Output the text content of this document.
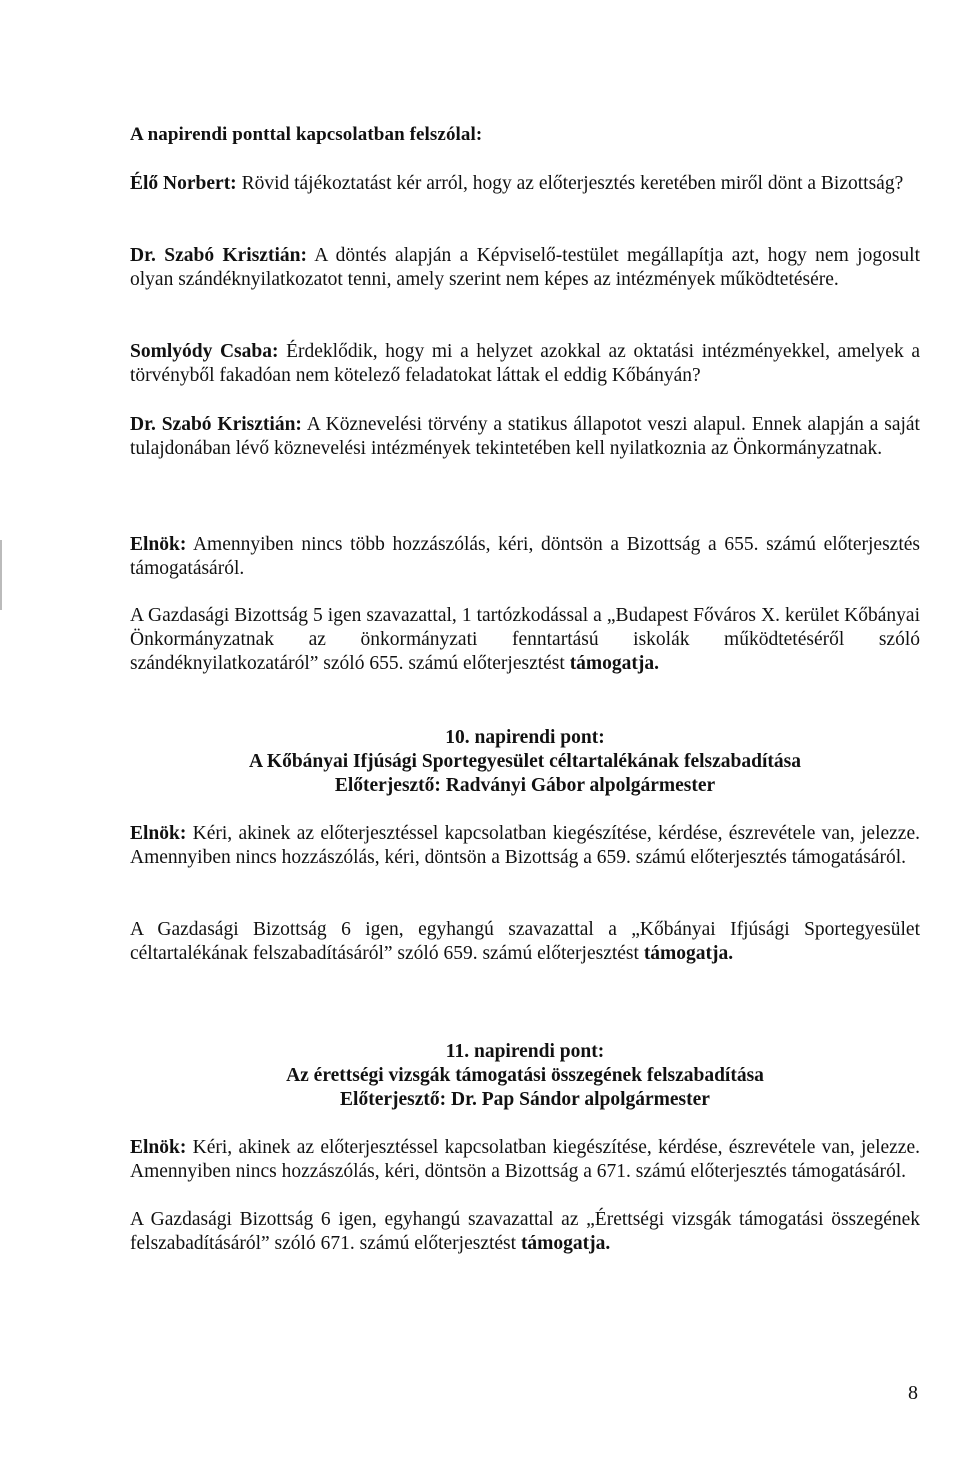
A napirendi ponttal kapcsolatban felszólal:
Élő Norbert: Rövid tájékoztatást kér arról, hogy az előterjesztés keretében miről dönt a Bizottság?
Dr. Szabó Krisztián: A döntés alapján a Képviselő-testület megállapítja azt, hogy nem jogosult olyan szándéknyilatkozatot tenni, amely szerint nem képes az intézmények működtetésére.
Somlyódy Csaba: Érdeklődik, hogy mi a helyzet azokkal az oktatási intézményekkel, amelyek a törvényből fakadóan nem kötelező feladatokat láttak el eddig Kőbányán?
Dr. Szabó Krisztián: A Köznevelési törvény a statikus állapotot veszi alapul. Ennek alapján a saját tulajdonában lévő köznevelési intézmények tekintetében kell nyilatkoznia az Önkormányzatnak.
Elnök: Amennyiben nincs több hozzászólás, kéri, döntsön a Bizottság a 655. számú előterjesztés támogatásáról.
A Gazdasági Bizottság 5 igen szavazattal, 1 tartózkodással a „Budapest Főváros X. kerület Kőbányai Önkormányzatnak az önkormányzati fenntartású iskolák működtetéséről szóló szándéknyilatkozatáról” szóló 655. számú előterjesztést támogatja.
10. napirendi pont:
A Kőbányai Ifjúsági Sportegyesület céltartalékának felszabadítása
Előterjesztő: Radványi Gábor alpolgármester
Elnök: Kéri, akinek az előterjesztéssel kapcsolatban kiegészítése, kérdése, észrevétele van, jelezze. Amennyiben nincs hozzászólás, kéri, döntsön a Bizottság a 659. számú előterjesztés támogatásáról.
A Gazdasági Bizottság 6 igen, egyhangú szavazattal a „Kőbányai Ifjúsági Sportegyesület céltartalékának felszabadításáról” szóló 659. számú előterjesztést támogatja.
11. napirendi pont:
Az érettségi vizsgák támogatási összegének felszabadítása
Előterjesztő: Dr. Pap Sándor alpolgármester
Elnök: Kéri, akinek az előterjesztéssel kapcsolatban kiegészítése, kérdése, észrevétele van, jelezze. Amennyiben nincs hozzászólás, kéri, döntsön a Bizottság a 671. számú előterjesztés támogatásáról.
A Gazdasági Bizottság 6 igen, egyhangú szavazattal az „Érettségi vizsgák támogatási összegének felszabadításáról” szóló 671. számú előterjesztést támogatja.
8
